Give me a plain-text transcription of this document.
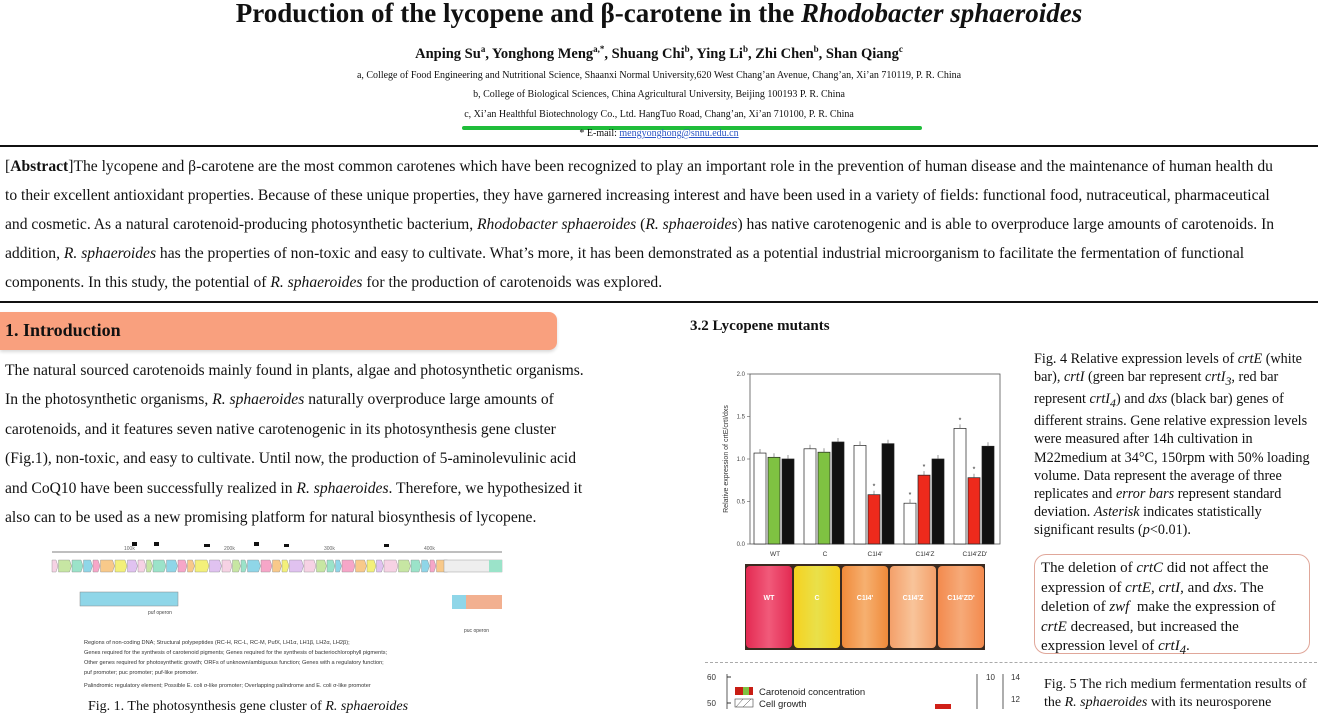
Production of the lycopene and β-carotene in the Rhodobacter sphaeroides
Anping Su$^a$, Yonghong Meng$^{a,*}$, Shuang Chi$^b$, Ying Li$^b$, Zhi Chen$^b$, Shan Qiang$^c$
a, College of Food Engineering and Nutritional Science, Shaanxi Normal University,620 West Chang’an Avenue, Chang’an, Xi’an 710119, P. R. China
b, College of Biological Sciences, China Agricultural University, Beijing 100193 P. R. China
c, Xi’an Healthful Biotechnology Co., Ltd. HangTuo Road, Chang’an, Xi’an 710100, P. R. China
* E-mail: mengyonghong@snnu.edu.cn

[Abstract]The lycopene and β-carotene are the most common carotenes which have been recognized to play an important role in the prevention of human disease and the maintenance of human health du

to their excellent antioxidant properties. Because of these unique properties, they have garnered increasing interest and have been used in a variety of fields: functional food, nutraceutical, pharmaceutical

and cosmetic. As a natural carotenoid-producing photosynthetic bacterium, Rhodobacter sphaeroides (R. sphaeroides) has native carotenogenic and is able to overproduce large amounts of carotenoids. In

addition, R. sphaeroides has the properties of non-toxic and easy to cultivate. What’s more, it has been demonstrated as a potential industrial microorganism to facilitate the fermentation of functional

components. In this study, the potential of R. sphaeroides for the production of carotenoids was explored.

1. Introduction

The natural sourced carotenoids mainly found in plants, algae and photosynthetic organisms.

In the photosynthetic organisms, R. sphaeroides naturally overproduce large amounts of

carotenoids, and it features seven native carotenogenic in its photosynthesis gene cluster

(Fig.1), non-toxic, and easy to cultivate. Until now, the production of 5-aminolevulinic acid

and CoQ10 have been successfully realized in R. sphaeroides. Therefore, we hypothesized it

also can to be used as a new promising platform for natural biosynthesis of lycopene.

100k	200k	300k	400k
puf operon
puc operon
Regions of non-coding DNA; Structural polypeptides (RC-H, RC-L, RC-M, PufX, LH1α, LH1β, LH2α, LH2β);
Genes required for the synthesis of carotenoid pigments; Genes required for the synthesis of bacteriochlorophyll pigments;
Other genes required for photosynthetic growth; ORFs of unknown/ambiguous function; Genes with a regulatory function;
puf promoter; puc promoter; puf-like promoter.
Palindromic regulatory element; Possible E. coli σ-like promoter; Overlapping palindrome and E. coli σ-like promoter
Fig. 1. The photosynthesis gene cluster of R. sphaeroides
3.2 Lycopene mutants
Relative expression of crtE/crtI/dxs
0.0
0.5
1.0
1.5
2.0
WT	C
*
C1I4'
*
*
C1I4'Z
*
*
C1I4'ZD'
WT	C	C1I4'	C1I4'Z	C1I4'ZD'
Fig. 4 Relative expression levels of crtE (white bar), crtI (green bar represent crtI$_3$, red bar represent crtI$_4$) and dxs (black bar) genes of different strains. Gene relative expression levels were measured after 14h cultivation in M22medium at 34°C, 150rpm with 50% loading volume. Data represent the average of three replicates and error bars represent standard deviation. Asterisk indicates statistically significant results (p<0.01).
The deletion of crtC did not affect the expression of crtE, crtI, and dxs. The deletion of zwf  make the expression of crtE decreased, but increased the expression level of crtI$_4$.
60
50
Carotenoid concentration
Cell growth
10 14
12
Fig. 5 The rich medium fermentation results of the R. sphaeroides with its neurosporene
